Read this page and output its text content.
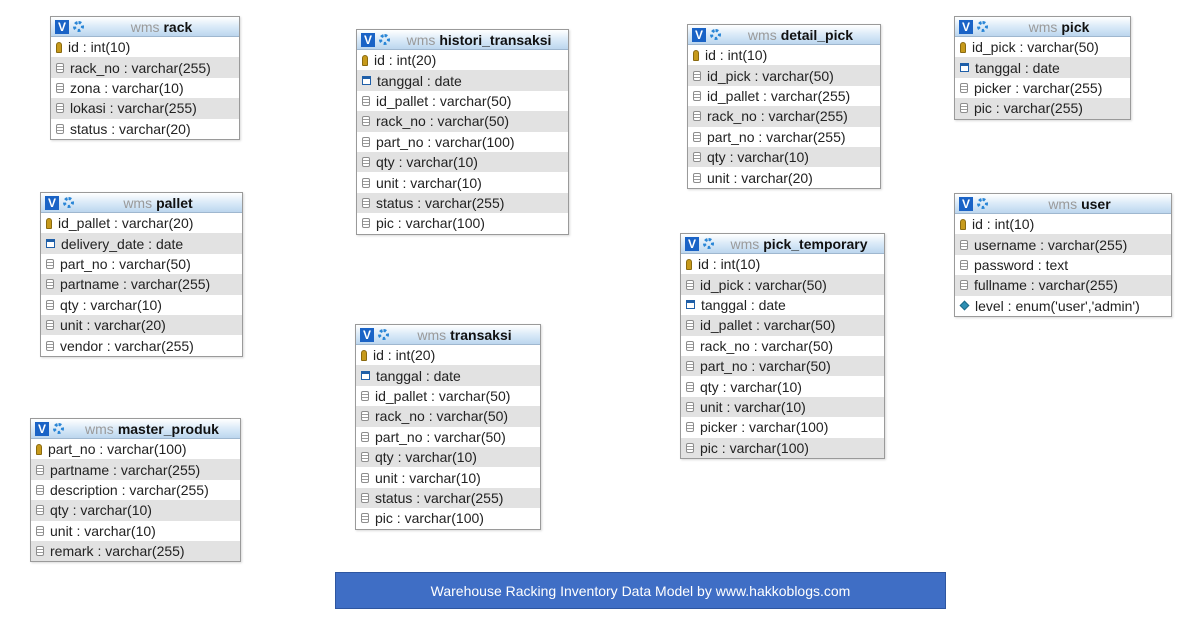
V	wms rack
id : int(10)
rack_no : varchar(255)
zona : varchar(10)
lokasi : varchar(255)
status : varchar(20)
V	wms pallet
id_pallet : varchar(20)
delivery_date : date
part_no : varchar(50)
partname : varchar(255)
qty : varchar(10)
unit : varchar(20)
vendor : varchar(255)
V	wms master_produk
part_no : varchar(100)
partname : varchar(255)
description : varchar(255)
qty : varchar(10)
unit : varchar(10)
remark : varchar(255)
V	wms histori_transaksi
id : int(20)
tanggal : date
id_pallet : varchar(50)
rack_no : varchar(50)
part_no : varchar(100)
qty : varchar(10)
unit : varchar(10)
status : varchar(255)
pic : varchar(100)
V	wms transaksi
id : int(20)
tanggal : date
id_pallet : varchar(50)
rack_no : varchar(50)
part_no : varchar(50)
qty : varchar(10)
unit : varchar(10)
status : varchar(255)
pic : varchar(100)
V	wms detail_pick
id : int(10)
id_pick : varchar(50)
id_pallet : varchar(255)
rack_no : varchar(255)
part_no : varchar(255)
qty : varchar(10)
unit : varchar(20)
V	wms pick_temporary
id : int(10)
id_pick : varchar(50)
tanggal : date
id_pallet : varchar(50)
rack_no : varchar(50)
part_no : varchar(50)
qty : varchar(10)
unit : varchar(10)
picker : varchar(100)
pic : varchar(100)
V	wms pick
id_pick : varchar(50)
tanggal : date
picker : varchar(255)
pic : varchar(255)
V	wms user
id : int(10)
username : varchar(255)
password : text
fullname : varchar(255)
level : enum('user','admin')
Warehouse Racking Inventory Data Model by www.hakkoblogs.com
